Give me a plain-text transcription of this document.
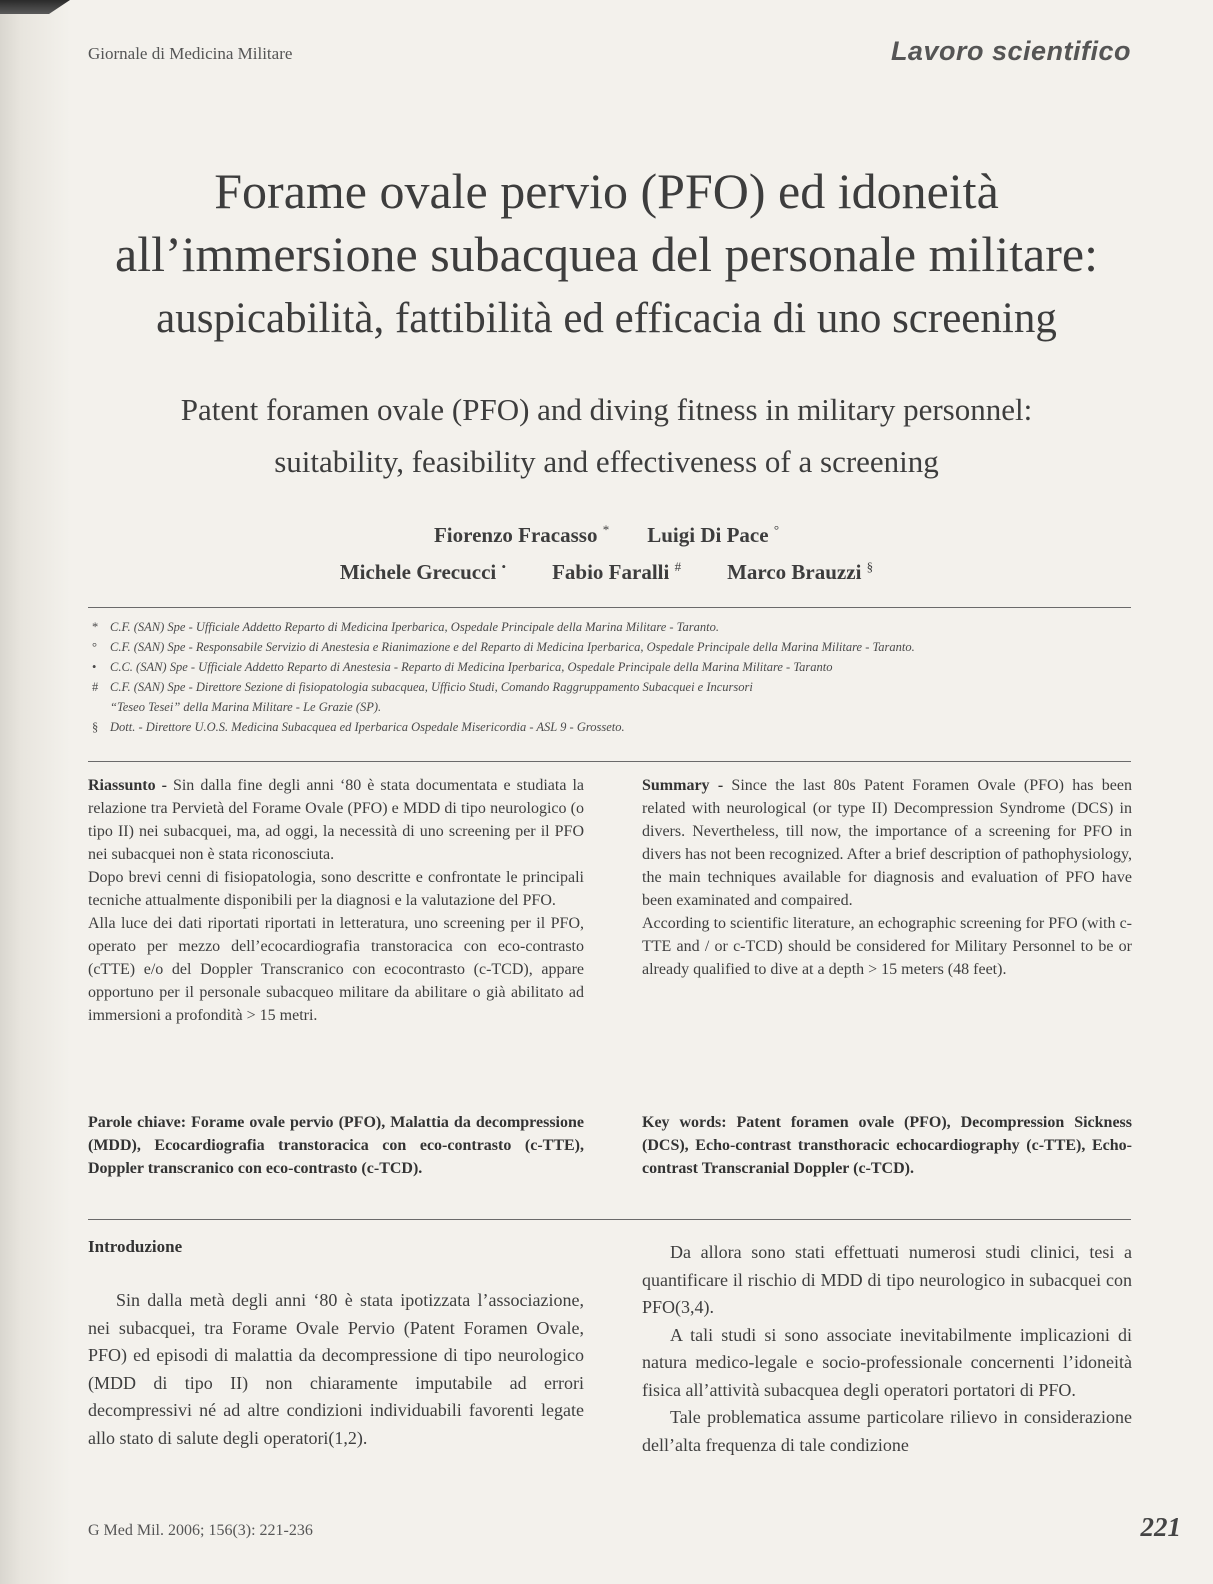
Giornale di Medicina Militare	Lavoro scientifico
Forame ovale pervio (PFO) ed idoneità
all’immersione subacquea del personale militare:
auspicabilità, fattibilità ed efficacia di uno screening
Patent foramen ovale (PFO) and diving fitness in military personnel:
suitability, feasibility and effectiveness of a screening
Fiorenzo Fracasso * Luigi Di Pace °
Michele Grecucci • Fabio Faralli # Marco Brauzzi §
* C.F. (SAN) Spe - Ufficiale Addetto Reparto di Medicina Iperbarica, Ospedale Principale della Marina Militare - Taranto.
°	C.F. (SAN) Spe - Responsabile Servizio di Anestesia e Rianimazione e del Reparto di Medicina Iperbarica, Ospedale Principale della Marina Militare - Taranto.
•	C.C. (SAN) Spe - Ufficiale Addetto Reparto di Anestesia - Reparto di Medicina Iperbarica, Ospedale Principale della Marina Militare - Taranto
# C.F. (SAN) Spe - Direttore Sezione di fisiopatologia subacquea, Ufficio Studi, Comando Raggruppamento Subacquei e Incursori
“Teseo Tesei” della Marina Militare - Le Grazie (SP).
§ Dott. - Direttore U.O.S. Medicina Subacquea ed Iperbarica Ospedale Misericordia - ASL 9 - Grosseto.

Riassunto - Sin dalla fine degli anni ‘80 è stata documentata e studiata la relazione tra Pervietà del Forame Ovale (PFO) e MDD di tipo neurologico (o tipo II) nei subacquei, ma, ad oggi, la necessità di uno screening per il PFO nei subacquei non è stata riconosciuta.

Dopo brevi cenni di fisiopatologia, sono descritte e confrontate le principali tecniche attualmente disponibili per la diagnosi e la valutazione del PFO.

Alla luce dei dati riportati riportati in letteratura, uno screening per il PFO, operato per mezzo dell’ecocardiografia transtoracica con eco-contrasto (cTTE) e/o del Doppler Transcranico con ecocontrasto (c-TCD), appare opportuno per il personale subacqueo militare da abilitare o già abilitato ad immersioni a profondità > 15 metri.

Summary - Since the last 80s Patent Foramen Ovale (PFO) has been related with neurological (or type II) Decompression Syndrome (DCS) in divers. Nevertheless, till now, the importance of a screening for PFO in divers has not been recognized. After a brief description of pathophysiology, the main techniques available for diagnosis and evaluation of PFO have been examinated and compaired.

According to scientific literature, an echographic screening for PFO (with c- TTE and / or c-TCD) should be considered for Military Personnel to be or already qualified to dive at a depth > 15 meters (48 feet).

Parole chiave: Forame ovale pervio (PFO), Malattia da decompressione (MDD), Ecocardiografia transtoracica con eco-contrasto (c-TTE), Doppler transcranico con eco-contrasto (c-TCD).
Key words: Patent foramen ovale (PFO), Decompression Sickness (DCS), Echo-contrast transthoracic echocardiography (c-TTE), Echo-contrast Transcranial Doppler (c-TCD).
Introduzione

Sin dalla metà degli anni ‘80 è stata ipotizzata l’associazione, nei subacquei, tra Forame Ovale Pervio (Patent Foramen Ovale, PFO) ed episodi di malattia da decompressione di tipo neurologico (MDD di tipo II) non chiaramente imputabile ad errori decompressivi né ad altre condizioni individuabili favorenti legate allo stato di salute degli operatori(1,2).

Da allora sono stati effettuati numerosi studi clinici, tesi a quantificare il rischio di MDD di tipo neurologico in subacquei con PFO(3,4).

A tali studi si sono associate inevitabilmente implicazioni di natura medico-legale e socio-professionale concernenti l’idoneità fisica all’attività subacquea degli operatori portatori di PFO.

Tale problematica assume particolare rilievo in considerazione dell’alta frequenza di tale condizione

G Med Mil. 2006; 156(3): 221-236	221
